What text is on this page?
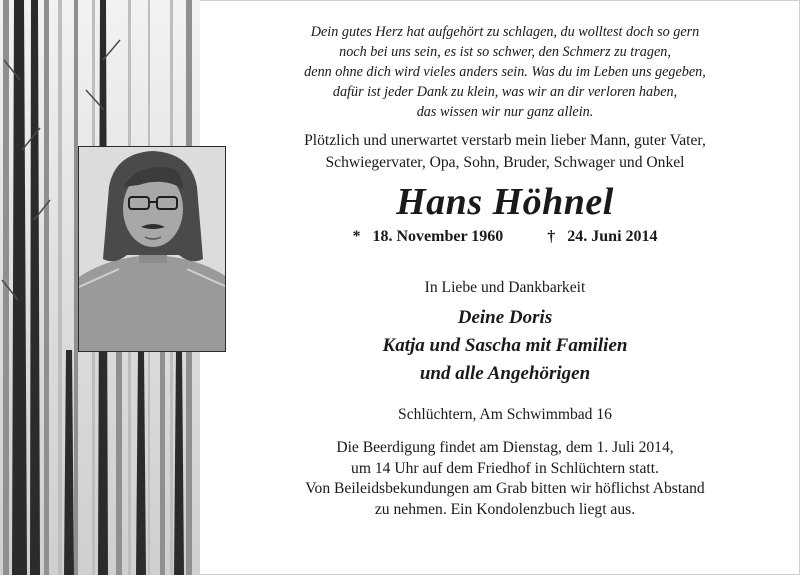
Dein gutes Herz hat aufgehört zu schlagen, du wolltest doch so gern
noch bei uns sein, es ist so schwer, den Schmerz zu tragen,
denn ohne dich wird vieles anders sein. Was du im Leben uns gegeben,
dafür ist jeder Dank zu klein, was wir an dir verloren haben,
das wissen wir nur ganz allein.
Plötzlich und unerwartet verstarb mein lieber Mann, guter Vater,
Schwiegervater, Opa, Sohn, Bruder, Schwager und Onkel
Hans Höhnel
* 18. November 1960	† 24. Juni 2014
In Liebe und Dankbarkeit
Deine Doris
Katja und Sascha mit Familien
und alle Angehörigen
Schlüchtern, Am Schwimmbad 16
Die Beerdigung findet am Dienstag, dem 1. Juli 2014,
um 14 Uhr auf dem Friedhof in Schlüchtern statt.
Von Beileidsbekundungen am Grab bitten wir höflichst Abstand
zu nehmen. Ein Kondolenzbuch liegt aus.
